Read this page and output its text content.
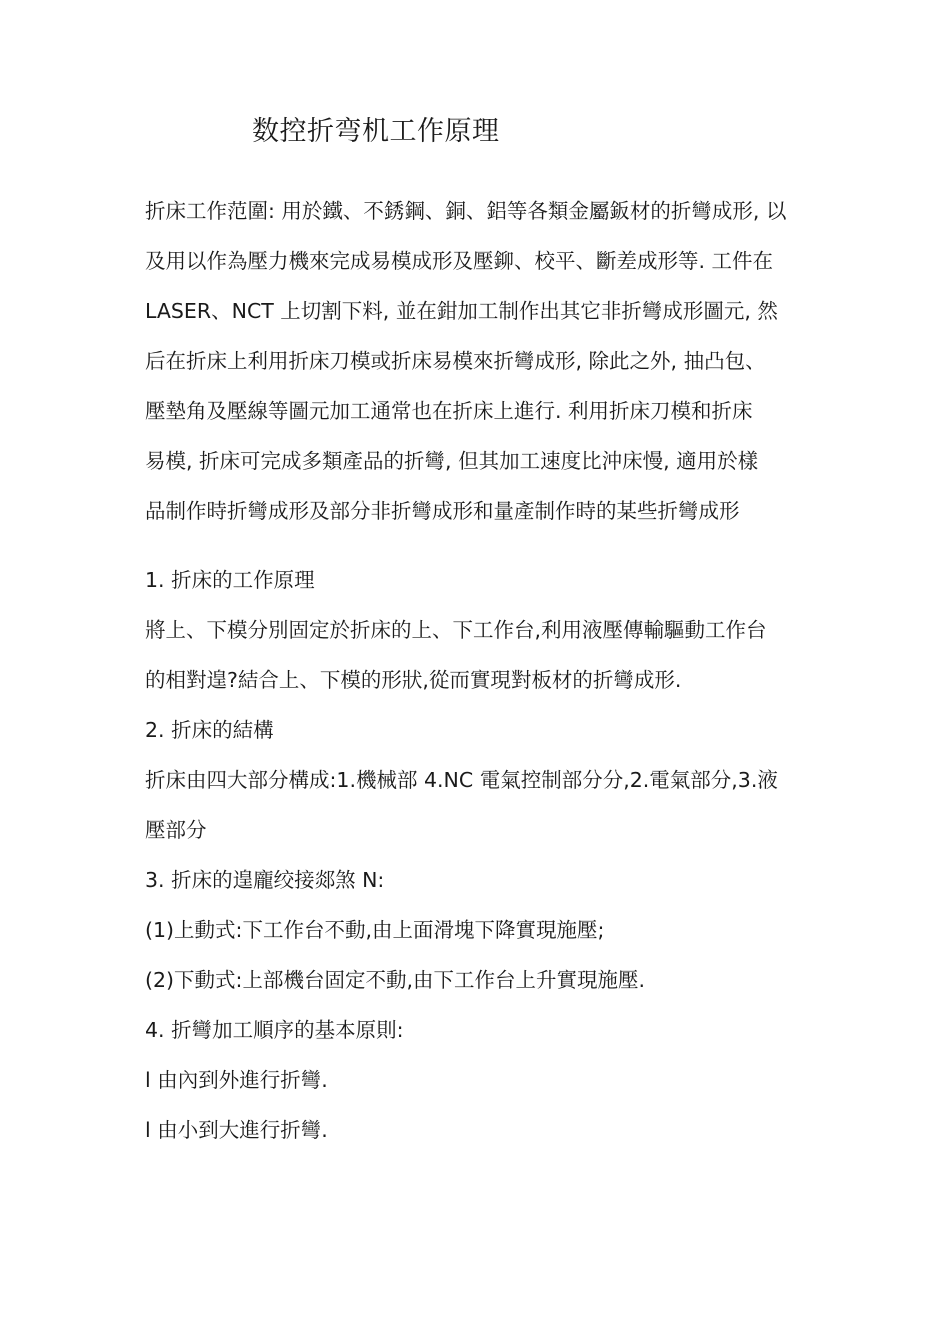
数控折弯机工作原理
折床工作范圍: 用於鐵、不銹鋼、銅、鋁等各類金屬鈑材的折彎成形, 以
及用以作為壓力機來完成易模成形及壓鉚、校平、斷差成形等. 工件在
LASER、NCT 上切割下料, 並在鉗加工制作出其它非折彎成形圖元, 然
后在折床上利用折床刀模或折床易模來折彎成形, 除此之外, 抽凸包、
壓墊角及壓線等圖元加工通常也在折床上進行. 利用折床刀模和折床
易模, 折床可完成多類產品的折彎, 但其加工速度比沖床慢, 適用於樣
品制作時折彎成形及部分非折彎成形和量產制作時的某些折彎成形
1. 折床的工作原理
將上、下模分別固定於折床的上、下工作台,利用液壓傳輸驅動工作台
的相對遑?結合上、下模的形狀,從而實現對板材的折彎成形.
2. 折床的結構
折床由四大部分構成:1.機械部 4.NC 電氣控制部分分,2.電氣部分,3.液
壓部分
3. 折床的遑龐绞接郯煞 N:
(1)上動式:下工作台不動,由上面滑塊下降實現施壓;
(2)下動式:上部機台固定不動,由下工作台上升實現施壓.
4. 折彎加工順序的基本原則:
l 由內到外進行折彎.
l 由小到大進行折彎.
